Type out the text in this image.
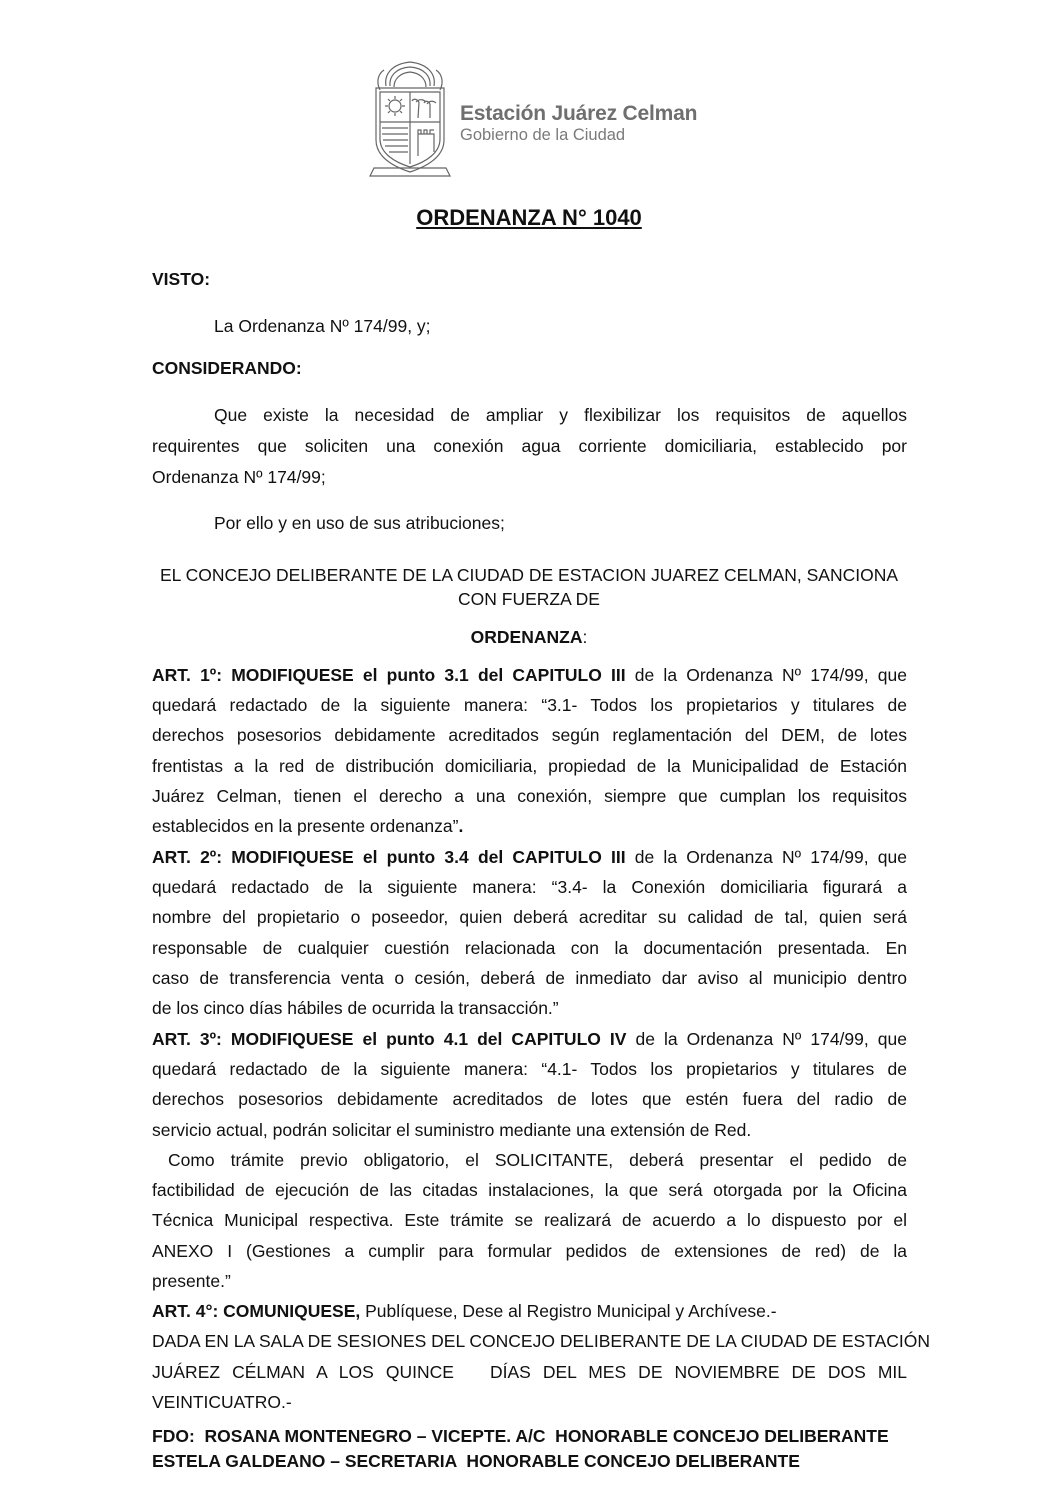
Estación Juárez Celman
Gobierno de la Ciudad
ORDENANZA N° 1040
VISTO:
La Ordenanza Nº 174/99, y;
CONSIDERANDO:
Que existe la necesidad de ampliar y flexibilizar los requisitos de aquellos
requirentes que soliciten una conexión agua corriente domiciliaria, establecido por
Ordenanza Nº 174/99;
Por ello y en uso de sus atribuciones;
EL CONCEJO DELIBERANTE DE LA CIUDAD DE ESTACION JUAREZ CELMAN, SANCIONA
CON FUERZA DE
ORDENANZA:
ART. 1º: MODIFIQUESE el punto 3.1 del CAPITULO III de la Ordenanza Nº 174/99, que
quedará redactado de la siguiente manera: “3.1- Todos los propietarios y titulares de
derechos posesorios debidamente acreditados según reglamentación del DEM, de lotes
frentistas a la red de distribución domiciliaria, propiedad de la Municipalidad de Estación
Juárez Celman, tienen el derecho a una conexión, siempre que cumplan los requisitos
establecidos en la presente ordenanza”.
ART. 2º: MODIFIQUESE el punto 3.4 del CAPITULO III de la Ordenanza Nº 174/99, que
quedará redactado de la siguiente manera: “3.4- la Conexión domiciliaria figurará a
nombre del propietario o poseedor, quien deberá acreditar su calidad de tal, quien será
responsable de cualquier cuestión relacionada con la documentación presentada. En
caso de transferencia venta o cesión, deberá de inmediato dar aviso al municipio dentro
de los cinco días hábiles de ocurrida la transacción.”
ART. 3º: MODIFIQUESE el punto 4.1 del CAPITULO IV de la Ordenanza Nº 174/99, que
quedará redactado de la siguiente manera: “4.1- Todos los propietarios y titulares de
derechos posesorios debidamente acreditados de lotes que estén fuera del radio de
servicio actual, podrán solicitar el suministro mediante una extensión de Red.
Como trámite previo obligatorio, el SOLICITANTE, deberá presentar el pedido de
factibilidad de ejecución de las citadas instalaciones, la que será otorgada por la Oficina
Técnica Municipal respectiva. Este trámite se realizará de acuerdo a lo dispuesto por el
ANEXO I (Gestiones a cumplir para formular pedidos de extensiones de red) de la
presente.”
ART. 4°: COMUNIQUESE, Publíquese, Dese al Registro Municipal y Archívese.-
DADA EN LA SALA DE SESIONES DEL CONCEJO DELIBERANTE DE LA CIUDAD DE ESTACIÓN
JUÁREZ CÉLMAN A LOS QUINCE   DÍAS DEL MES DE NOVIEMBRE DE DOS MIL
VEINTICUATRO.-
FDO:  ROSANA MONTENEGRO – VICEPTE. A/C  HONORABLE CONCEJO DELIBERANTE
ESTELA GALDEANO – SECRETARIA  HONORABLE CONCEJO DELIBERANTE
